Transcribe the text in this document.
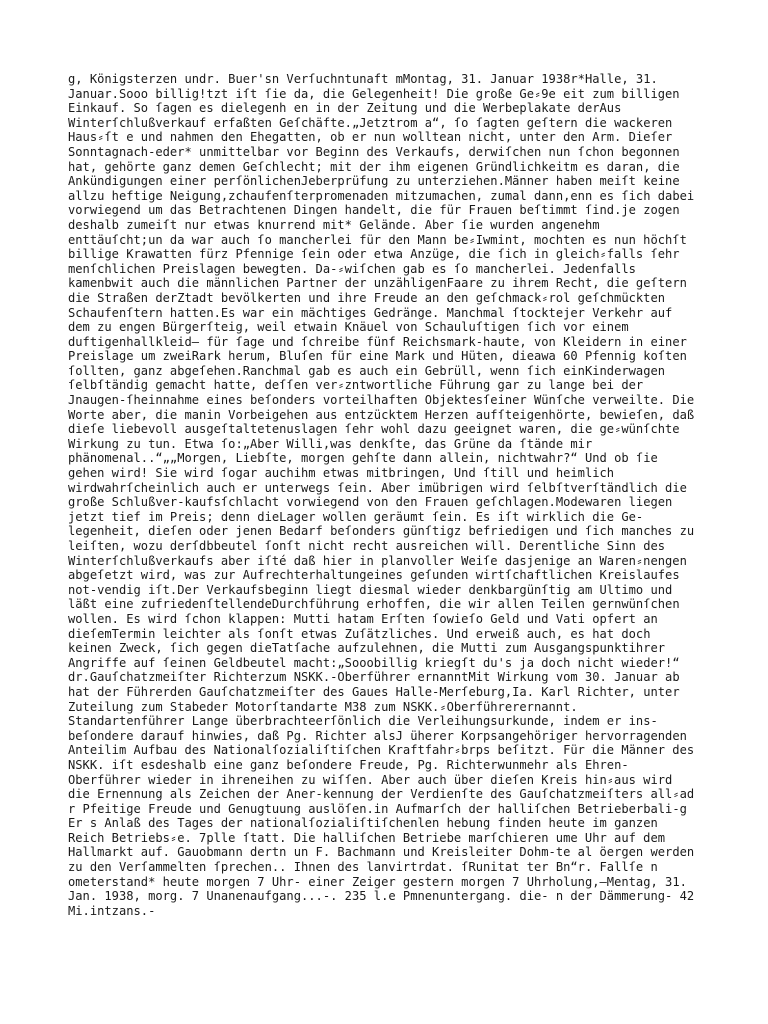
g, Königsterzen undr. Buer'sn Verſuchntunaft mMontag, 31. Januar 1938r*Halle, 31. Januar.Sooo billig!tzt iſt ſie da, die Gelegenheit! Die große Ge⸗9e eit zum billigen Einkauf. So ſagen es dielegenh en in der Zeitung und die Werbeplakate derAus Winterſchlußverkauf erfaßten Geſchäfte.„Jetztrom a“, ſo ſagten geſtern die wackeren Haus⸗ſt e und nahmen den Ehegatten, ob er nun wolltean nicht, unter den Arm. Dieſer Sonntagnach-eder* unmittelbar vor Beginn des Verkaufs, derwiſchen nun ſchon begonnen hat, gehörte ganz demen Geſchlecht; mit der ihm eigenen Gründlichkeitm es daran, die Ankündigungen einer perſönlichenJeberprüfung zu unterziehen.Männer haben meiſt keine allzu heftige Neigung,zchaufenſterpromenaden mitzumachen, zumal dann,enn es ſich dabei vorwiegend um das Betrachtenen Dingen handelt, die für Frauen beſtimmt ſind.je zogen deshalb zumeiſt nur etwas knurrend mit* Gelände. Aber ſie wurden angenehm enttäuſcht;un da war auch ſo mancherlei für den Mann be⸗Iwmint, mochten es nun höchſt billige Krawatten fürz Pfennige ſein oder etwa Anzüge, die ſich in gleich⸗falls ſehr menſchlichen Preislagen bewegten. Da-⸗wiſchen gab es ſo mancherlei. Jedenfalls kamenbwit auch die männlichen Partner der unzähligenFaare zu ihrem Recht, die geſtern die Straßen derZtadt bevölkerten und ihre Freude an den geſchmack⸗rol geſchmückten Schaufenſtern hatten.Es war ein mächtiges Gedränge. Manchmal ſtocktejer Verkehr auf dem zu engen Bürgerſteig, weil etwain Knäuel von Schauluſtigen ſich vor einem duftigenhallkleid— für ſage und ſchreibe fünf Reichsmark-haute, von Kleidern in einer Preislage um zweiRark herum, Bluſen für eine Mark und Hüten, dieawa 60 Pfennig koſten ſollten, ganz abgeſehen.Ranchmal gab es auch ein Gebrüll, wenn ſich einKinderwagen ſelbſtändig gemacht hatte, deſſen ver⸗zntwortliche Führung gar zu lange bei der Jnaugen-ſheinnahme eines beſonders vorteilhaften Objektesſeiner Wünſche verweilte. Die Worte aber, die manin Vorbeigehen aus entzücktem Herzen aufſteigenhörte, bewieſen, daß dieſe liebevoll ausgeſtaltetenuslagen ſehr wohl dazu geeignet waren, die ge⸗wünſchte Wirkung zu tun. Etwa ſo:„Aber Willi,was denkſte, das Grüne da ſtände mir phänomenal..“„„Morgen, Liebſte, morgen gehſte dann allein, nichtwahr?“ Und ob ſie gehen wird! Sie wird ſogar auchihm etwas mitbringen, Und ſtill und heimlich wirdwahrſcheinlich auch er unterwegs ſein. Aber imübrigen wird ſelbſtverſtändlich die große Schlußver-kaufsſchlacht vorwiegend von den Frauen geſchlagen.Modewaren liegen jetzt tief im Preis; denn dieLager wollen geräumt ſein. Es iſt wirklich die Ge-legenheit, dieſen oder jenen Bedarf beſonders günſtigz befriedigen und ſich manches zu leiſten, wozu derſdbbeutel ſonſt nicht recht ausreichen will. Derentliche Sinn des Winterſchlußverkaufs aber iſté daß hier in planvoller Weiſe dasjenige an Waren⸗nengen abgeſetzt wird, was zur Aufrechterhaltungeines geſunden wirtſchaftlichen Kreislaufes not-vendig iſt.Der Verkaufsbeginn liegt diesmal wieder denkbargünſtig am Ultimo und läßt eine zufriedenſtellendeDurchführung erhoffen, die wir allen Teilen gernwünſchen wollen. Es wird ſchon klappen: Mutti hatam Erſten ſowieſo Geld und Vati opfert an dieſemTermin leichter als ſonſt etwas Zuſätzliches. Und erweiß auch, es hat doch keinen Zweck, ſich gegen dieTatſache aufzulehnen, die Mutti zum Ausgangspunktihrer Angriffe auf ſeinen Geldbeutel macht:„Sooobillig kriegſt du's ja doch nicht wieder!“ dr.Gauſchatzmeiſter Richterzum NSKK.-Oberführer ernanntMit Wirkung vom 30. Januar ab hat der Führerden Gauſchatzmeiſter des Gaues Halle-Merſeburg,Ia. Karl Richter, unter Zuteilung zum Stabeder Motorſtandarte M38 zum NSKK.⸗Oberführerernannt. Standartenführer Lange überbrachteerſönlich die Verleihungsurkunde, indem er ins-beſondere darauf hinwies, daß Pg. Richter alsJ üherer Korpsangehöriger hervorragenden Anteilim Aufbau des Nationalſozialiſtiſchen Kraftfahr⸗brps beſitzt. Für die Männer des NSKK. iſt esdeshalb eine ganz beſondere Freude, Pg. Richterwunmehr als Ehren-Oberführer wieder in ihreneihen zu wiſſen. Aber auch über dieſen Kreis hin⸗aus wird die Ernennung als Zeichen der Aner-kennung der Verdienſte des Gauſchatzmeiſters all⸗ad r Pfeitige Freude und Genugtuung auslöſen.in Aufmarſch der halliſchen Betrieberbali-g Er s Anlaß des Tages der nationalſozialiſtiſchenlen hebung finden heute im ganzen Reich Betriebs⸗e. 7plle ſtatt. Die halliſchen Betriebe marſchieren ume Uhr auf dem Hallmarkt auf. Gauobmann dertn un F. Bachmann und Kreisleiter Dohm-te al öergen werden zu den Verſammelten ſprechen.. Ihnen des lanvirtrdat. ſRunitat ter Bn“r. Fallſe n ometerstand* heute morgen 7 Uhr- einer Zeiger gestern morgen 7 Uhrholung,—Mentag, 31. Jan. 1938, morg. 7 Unanenaufgang...-. 235 l.e Pmnenuntergang. die- n der Dämmerung- 42 Mi.intzans.-
